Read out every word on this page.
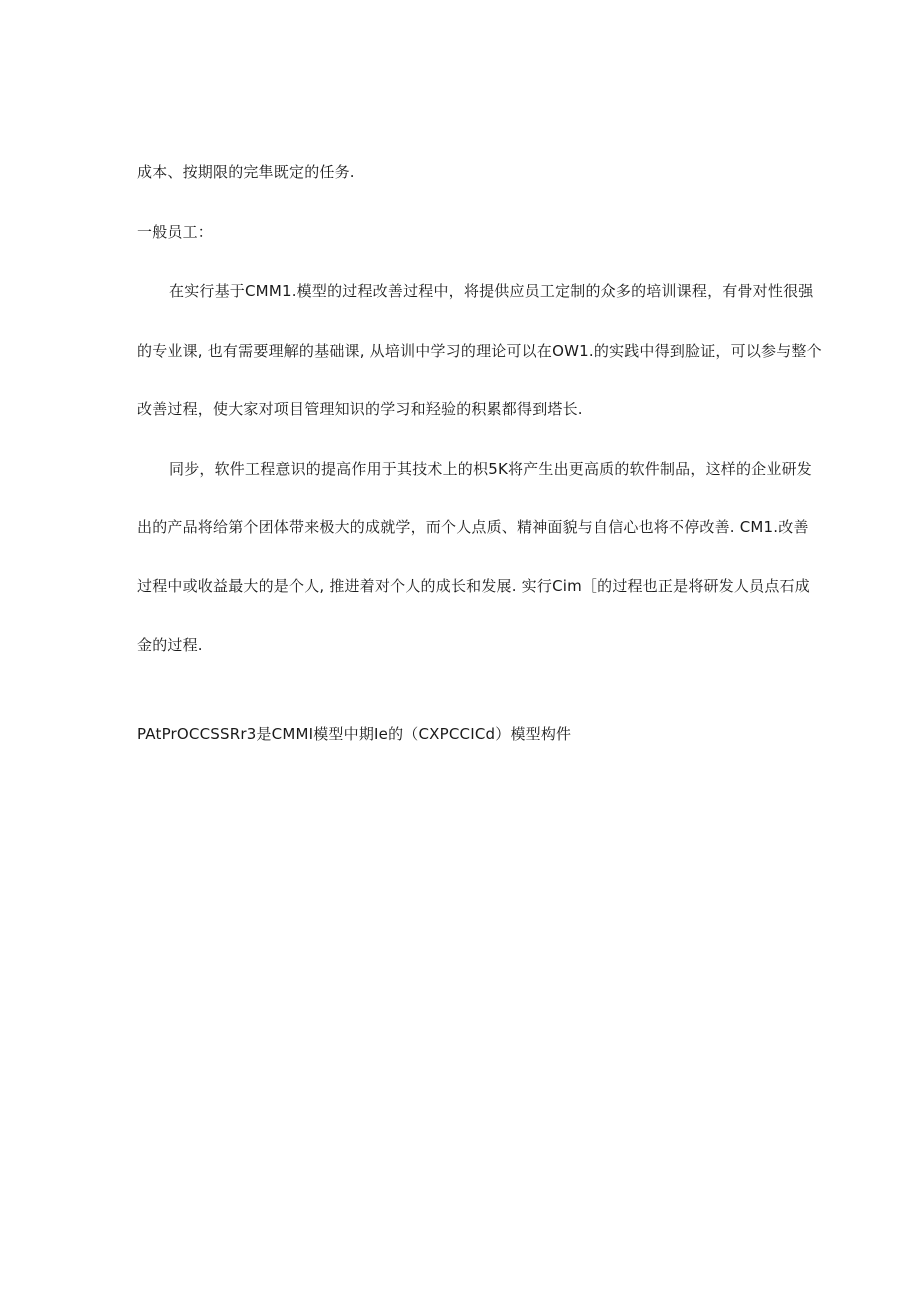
成本、按期限的完隼既定的任务.
一般员工：
在实行基于CMM1.模型的过程改善过程中，将提供应员工定制的众多的培训课程，有骨对性很强
的专业课, 也有需要理解的基础课, 从培训中学习的理论可以在OW1.的实践中得到脸证，可以参与整个
改善过程，使大家对项目管理知识的学习和羟验的积累都得到塔长.
同步，软件工程意识的提高作用于其技术上的枳5K将产生出更高质的软件制品，这样的企业研发
出的产品将给第个团体带来极大的成就学，而个人点质、精神面貌与自信心也将不停改善. CM1.改善
过程中或收益最大的是个人, 推进着对个人的成长和发展. 实行Cim［的过程也正是将研发人员点石成
金的过程.
PAtPrOCCSSRr3是CMMI模型中期Ie的（CXPCCICd）模型构件
